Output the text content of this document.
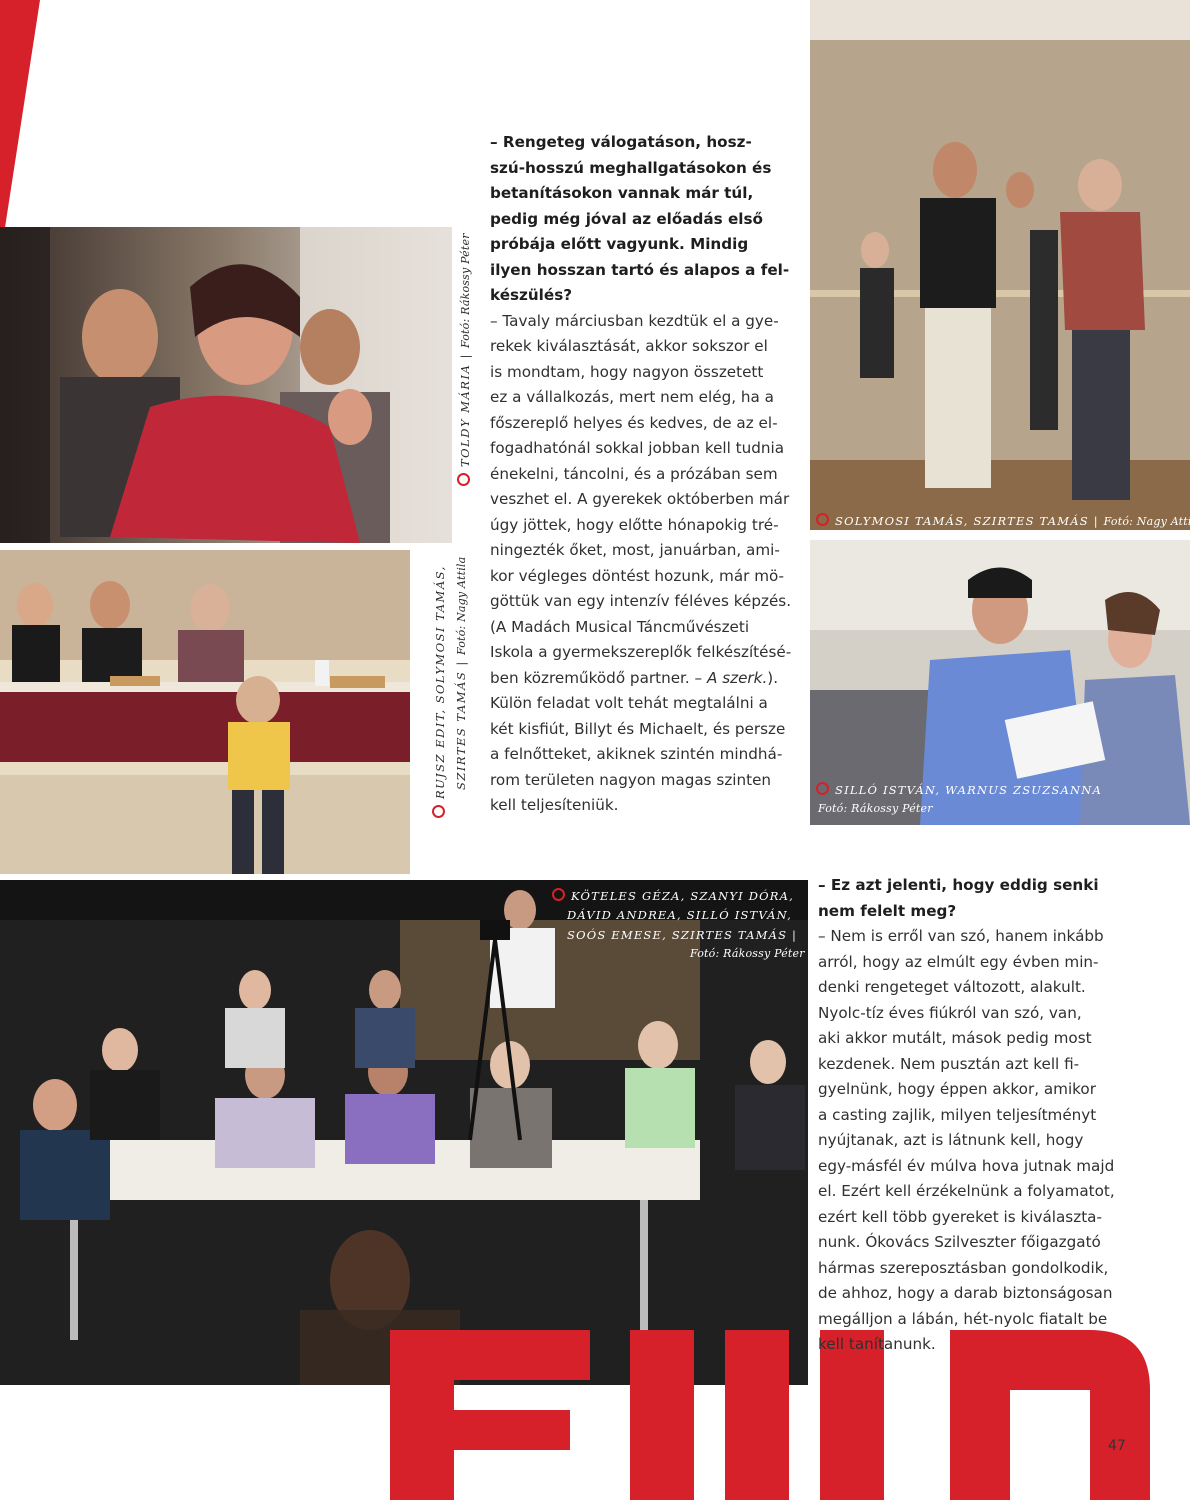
TOLDY MÁRIA | Fotó: Rákossy Péter
RUJSZ EDIT, SOLYMOSI TAMÁS, SZIRTES TAMÁS | Fotó: Nagy Attila
SOLYMOSI TAMÁS, SZIRTES TAMÁS | Fotó: Nagy Attila
SILLÓ ISTVÁN, WARNUS ZSUZSANNA
Fotó: Rákossy Péter
KÖTELES GÉZA, SZANYI DÓRA,
DÁVID ANDREA, SILLÓ ISTVÁN,
SOÓS EMESE, SZIRTES TAMÁS |
Fotó: Rákossy Péter
– Rengeteg válogatáson, hosz-
szú-hosszú meghallgatásokon és
betanításokon vannak már túl,
pedig még jóval az előadás első
próbája előtt vagyunk. Mindig
ilyen hosszan tartó és alapos a fel-
készülés?
– Tavaly márciusban kezdtük el a gye-
rekek kiválasztását, akkor sokszor el
is mondtam, hogy nagyon összetett
ez a vállalkozás, mert nem elég, ha a
főszereplő helyes és kedves, de az el-
fogadhatónál sokkal jobban kell tudnia
énekelni, táncolni, és a prózában sem
veszhet el. A gyerekek októberben már
úgy jöttek, hogy előtte hónapokig tré-
ningezték őket, most, januárban, ami-
kor végleges döntést hozunk, már mö-
göttük van egy intenzív féléves képzés.
(A Madách Musical Táncművészeti
Iskola a gyermekszereplők felkészítésé-
ben közreműködő partner. – A szerk.).
Külön feladat volt tehát megtalálni a
két kisfiút, Billyt és Michaelt, és persze
a felnőtteket, akiknek szintén mindhá-
rom területen nagyon magas szinten
kell teljesíteniük.
– Ez azt jelenti, hogy eddig senki
nem felelt meg?
– Nem is erről van szó, hanem inkább
arról, hogy az elmúlt egy évben min-
denki rengeteget változott, alakult.
Nyolc-tíz éves fiúkról van szó, van,
aki akkor mutált, mások pedig most
kezdenek. Nem pusztán azt kell fi-
gyelnünk, hogy éppen akkor, amikor
a casting zajlik, milyen teljesítményt
nyújtanak, azt is látnunk kell, hogy
egy-másfél év múlva hova jutnak majd
el. Ezért kell érzékelnünk a folyamatot,
ezért kell több gyereket is kiválaszta-
nunk. Ókovács Szilveszter főigazgató
hármas szereposztásban gondolkodik,
de ahhoz, hogy a darab biztonságosan
megálljon a lábán, hét-nyolc fiatalt be
kell tanítanunk.
47
